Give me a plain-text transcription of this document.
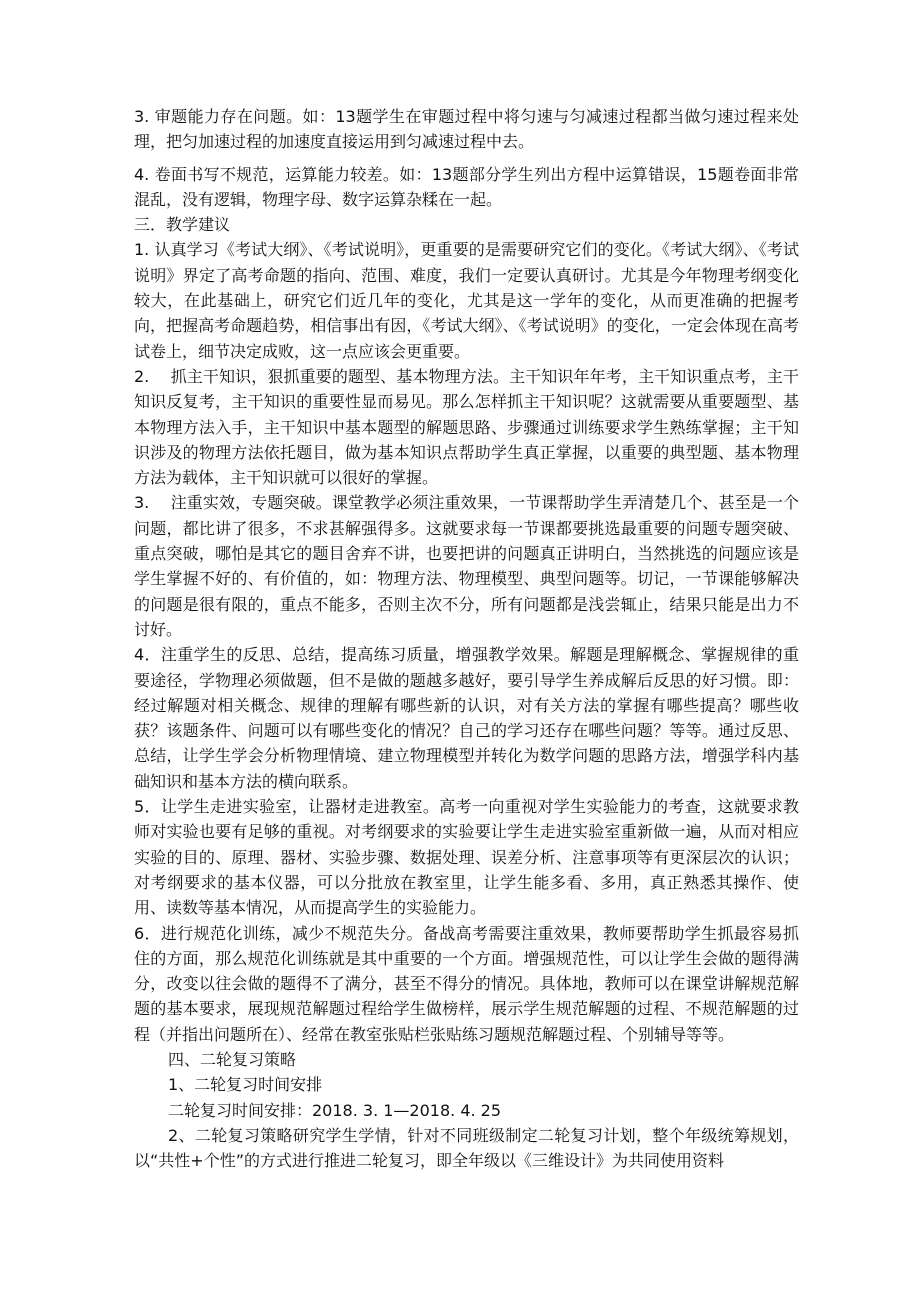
3. 审题能力存在问题。如：13题学生在审题过程中将匀速与匀减速过程都当做匀速过程来处理，把匀加速过程的加速度直接运用到匀减速过程中去。

4. 卷面书写不规范，运算能力较差。如：13题部分学生列出方程中运算错误，15题卷面非常混乱，没有逻辑，物理字母、数字运算杂糅在一起。

三．教学建议

1. 认真学习《考试大纲》、《考试说明》，更重要的是需要研究它们的变化。《考试大纲》、《考试说明》界定了高考命题的指向、范围、难度，我们一定要认真研讨。尤其是今年物理考纲变化较大，在此基础上，研究它们近几年的变化，尤其是这一学年的变化，从而更准确的把握考向，把握高考命题趋势，相信事出有因，《考试大纲》、《考试说明》的变化，一定会体现在高考试卷上，细节决定成败，这一点应该会更重要。

2.　 抓主干知识，狠抓重要的题型、基本物理方法。主干知识年年考，主干知识重点考，主干知识反复考，主干知识的重要性显而易见。那么怎样抓主干知识呢？这就需要从重要题型、基本物理方法入手，主干知识中基本题型的解题思路、步骤通过训练要求学生熟练掌握；主干知识涉及的物理方法依托题目，做为基本知识点帮助学生真正掌握，以重要的典型题、基本物理方法为载体，主干知识就可以很好的掌握。

3.　 注重实效，专题突破。课堂教学必须注重效果，一节课帮助学生弄清楚几个、甚至是一个问题，都比讲了很多，不求甚解强得多。这就要求每一节课都要挑选最重要的问题专题突破、重点突破，哪怕是其它的题目舍弃不讲，也要把讲的问题真正讲明白，当然挑选的问题应该是学生掌握不好的、有价值的，如：物理方法、物理模型、典型问题等。切记，一节课能够解决的问题是很有限的，重点不能多，否则主次不分，所有问题都是浅尝辄止，结果只能是出力不讨好。

4．注重学生的反思、总结，提高练习质量，增强教学效果。解题是理解概念、掌握规律的重要途径，学物理必须做题，但不是做的题越多越好，要引导学生养成解后反思的好习惯。即：经过解题对相关概念、规律的理解有哪些新的认识，对有关方法的掌握有哪些提高？哪些收获？该题条件、问题可以有哪些变化的情况？自己的学习还存在哪些问题？等等。通过反思、总结，让学生学会分析物理情境、建立物理模型并转化为数学问题的思路方法，增强学科内基础知识和基本方法的横向联系。

5．让学生走进实验室，让器材走进教室。高考一向重视对学生实验能力的考查，这就要求教师对实验也要有足够的重视。对考纲要求的实验要让学生走进实验室重新做一遍，从而对相应实验的目的、原理、器材、实验步骤、数据处理、误差分析、注意事项等有更深层次的认识；对考纲要求的基本仪器，可以分批放在教室里，让学生能多看、多用，真正熟悉其操作、使用、读数等基本情况，从而提高学生的实验能力。

6．进行规范化训练，减少不规范失分。备战高考需要注重效果，教师要帮助学生抓最容易抓住的方面，那么规范化训练就是其中重要的一个方面。增强规范性，可以让学生会做的题得满分，改变以往会做的题得不了满分，甚至不得分的情况。具体地，教师可以在课堂讲解规范解题的基本要求，展现规范解题过程给学生做榜样，展示学生规范解题的过程、不规范解题的过程（并指出问题所在）、经常在教室张贴栏张贴练习题规范解题过程、个别辅导等等。

四、二轮复习策略

1、二轮复习时间安排

二轮复习时间安排：2018. 3. 1—2018. 4. 25

2、二轮复习策略研究学生学情，针对不同班级制定二轮复习计划，整个年级统筹规划，以“共性+个性”的方式进行推进二轮复习，即全年级以《三维设计》为共同使用资料
